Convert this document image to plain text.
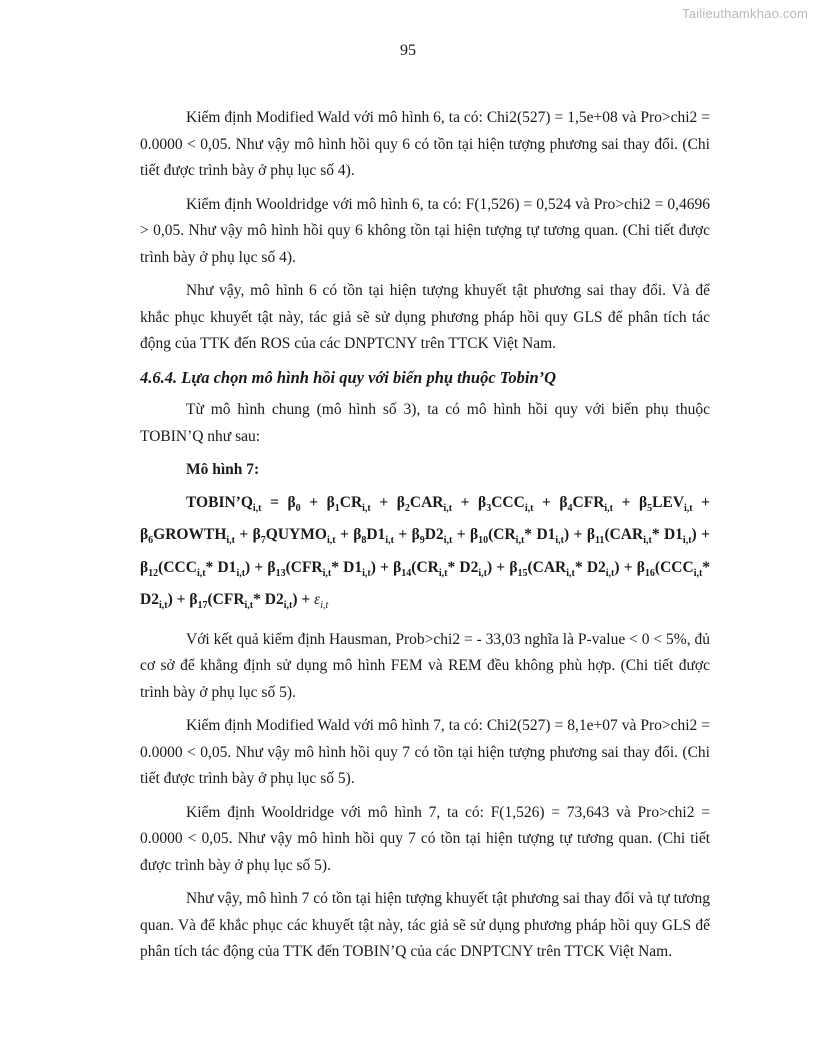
Tailieuthamkhao.com
95

Kiểm định Modified Wald với mô hình 6, ta có: Chi2(527) = 1,5e+08 và Pro>chi2 = 0.0000 < 0,05. Như vậy mô hình hồi quy 6 có tồn tại hiện tượng phương sai thay đổi. (Chi tiết được trình bày ở phụ lục số 4).

Kiểm định Wooldridge với mô hình 6, ta có: F(1,526) = 0,524 và Pro>chi2 = 0,4696 > 0,05. Như vậy mô hình hồi quy 6 không tồn tại hiện tượng tự tương quan. (Chi tiết được trình bày ở phụ lục số 4).

Như vậy, mô hình 6 có tồn tại hiện tượng khuyết tật phương sai thay đổi. Và để khắc phục khuyết tật này, tác giả sẽ sử dụng phương pháp hồi quy GLS để phân tích tác động của TTK đến ROS của các DNPTCNY trên TTCK Việt Nam.

4.6.4. Lựa chọn mô hình hồi quy với biến phụ thuộc Tobin’Q

Từ mô hình chung (mô hình số 3), ta có mô hình hồi quy với biến phụ thuộc TOBIN’Q như sau:

Mô hình 7:
$TOBIN’Q_{i,t} = \beta_0 + \beta_1CR_{i,t} + \beta_2CAR_{i,t} + \beta_3CCC_{i,t} + \beta_4CFR_{i,t} + \beta_5LEV_{i,t}$ + $\beta_6GROWTH_{i,t}$ + $\beta_7QUYMO_{i,t} + \beta_8D1_{i,t} + \beta_9D2_{i,t} + \beta_{10}(CR_{i,t}*$ $D1_{i,t}) + \beta_{11}(CAR_{i,t}*$ $D1_{i,t}) + \beta_{12}(CCC_{i,t}*$ $D1_{i,t}) + \beta_{13}(CFR_{i,t}*$ $D1_{i,t}) + \beta_{14}(CR_{i,t}*$ $D2_{i,t}) + \beta_{15}(CAR_{i,t}*$ $D2_{i,t}) + \beta_{16}(CCC_{i,t}*$ $D2_{i,t}) + \beta_{17}(CFR_{i,t}*$ $D2_{i,t}) + \varepsilon_{i,t}$

Với kết quả kiểm định Hausman, Prob>chi2 = - 33,03 nghĩa là P-value < 0 < 5%, đủ cơ sở để khẳng định sử dụng mô hình FEM và REM đều không phù hợp. (Chi tiết được trình bày ở phụ lục số 5).

Kiểm định Modified Wald với mô hình 7, ta có: Chi2(527) = 8,1e+07 và Pro>chi2 = 0.0000 < 0,05. Như vậy mô hình hồi quy 7 có tồn tại hiện tượng phương sai thay đổi. (Chi tiết được trình bày ở phụ lục số 5).

Kiểm định Wooldridge với mô hình 7, ta có: F(1,526) = 73,643 và Pro>chi2 = 0.0000 < 0,05. Như vậy mô hình hồi quy 7 có tồn tại hiện tượng tự tương quan. (Chi tiết được trình bày ở phụ lục số 5).

Như vậy, mô hình 7 có tồn tại hiện tượng khuyết tật phương sai thay đổi và tự tương quan. Và để khắc phục các khuyết tật này, tác giả sẽ sử dụng phương pháp hồi quy GLS để phân tích tác động của TTK đến TOBIN’Q của các DNPTCNY trên TTCK Việt Nam.
